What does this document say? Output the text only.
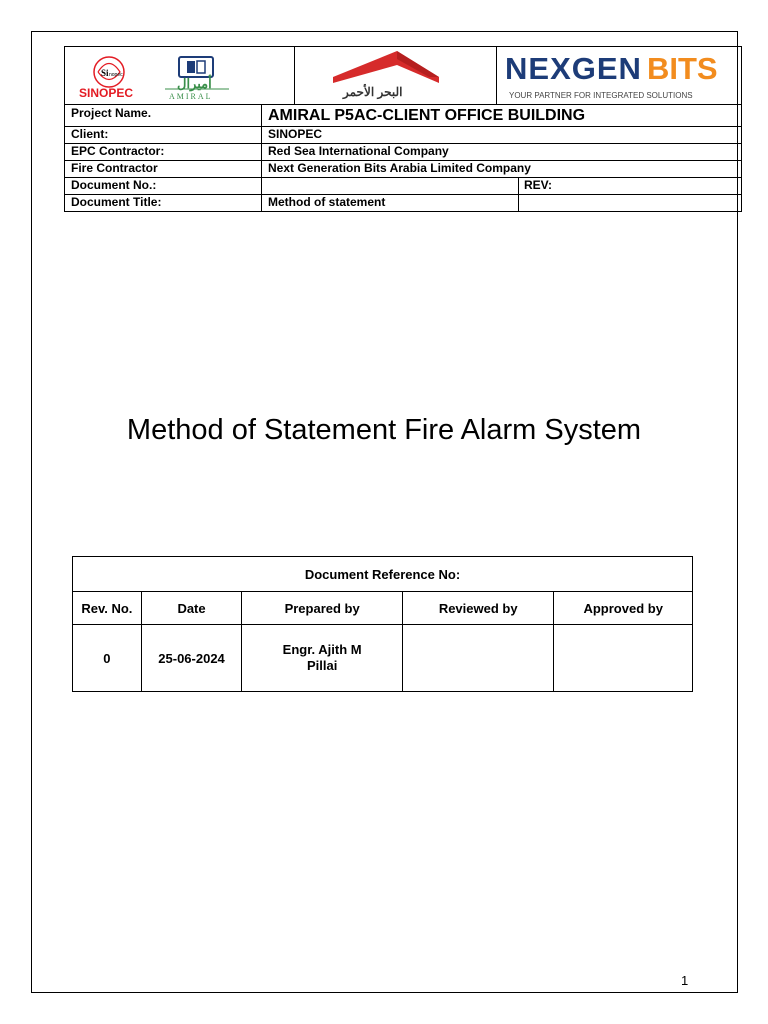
Si nopec
SINOPEC
أميرال
AMIRAL	البحر الأحمر
NEXGEN BITS
YOUR PARTNER FOR INTEGRATED SOLUTIONS
Project Name.	AMIRAL P5AC-CLIENT OFFICE BUILDING
Client:	SINOPEC
EPC Contractor:	Red Sea International Company
Fire Contractor	Next Generation Bits Arabia Limited Company
Document No.:	REV:
Document Title:	Method of statement
Method of Statement Fire Alarm System
Document Reference No:				
Rev. No.	Date	Prepared by	Reviewed by	Approved by
0	25-06-2024	Engr. Ajith M Pillai		

1
